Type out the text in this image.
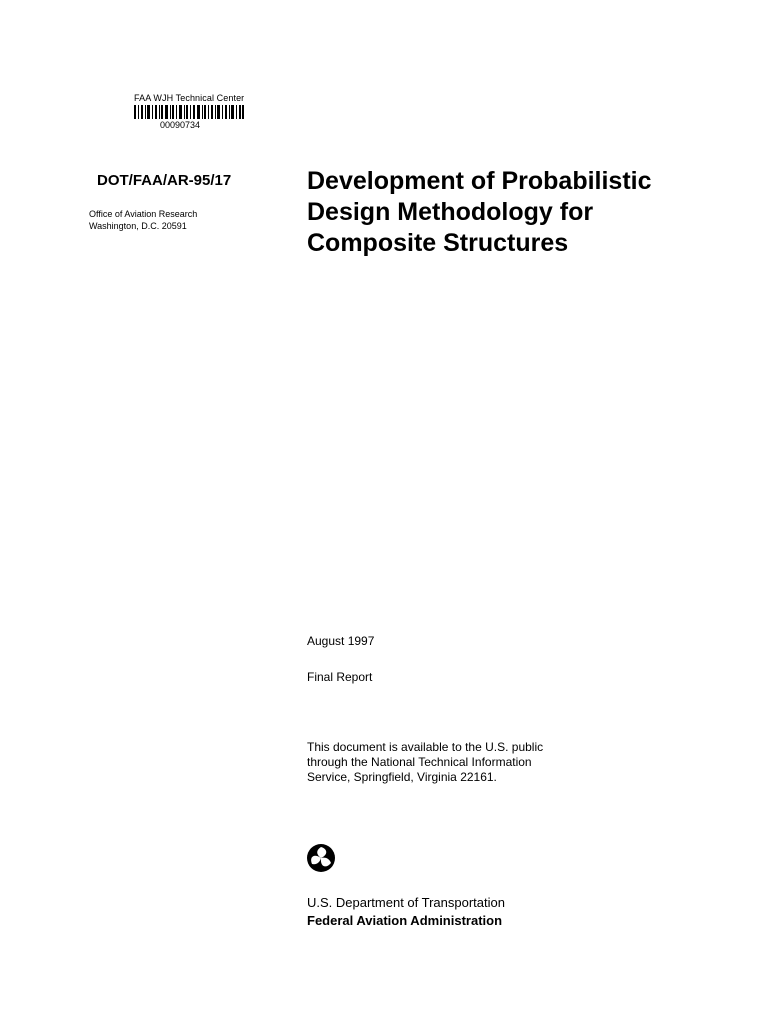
FAA WJH Technical Center
00090734
DOT/FAA/AR-95/17
Office of Aviation Research
Washington, D.C. 20591
Development of Probabilistic
Design Methodology for
Composite Structures
August 1997
Final Report
This document is available to the U.S. public
through the National Technical Information
Service, Springfield, Virginia 22161.
U.S. Department of Transportation
Federal Aviation Administration
